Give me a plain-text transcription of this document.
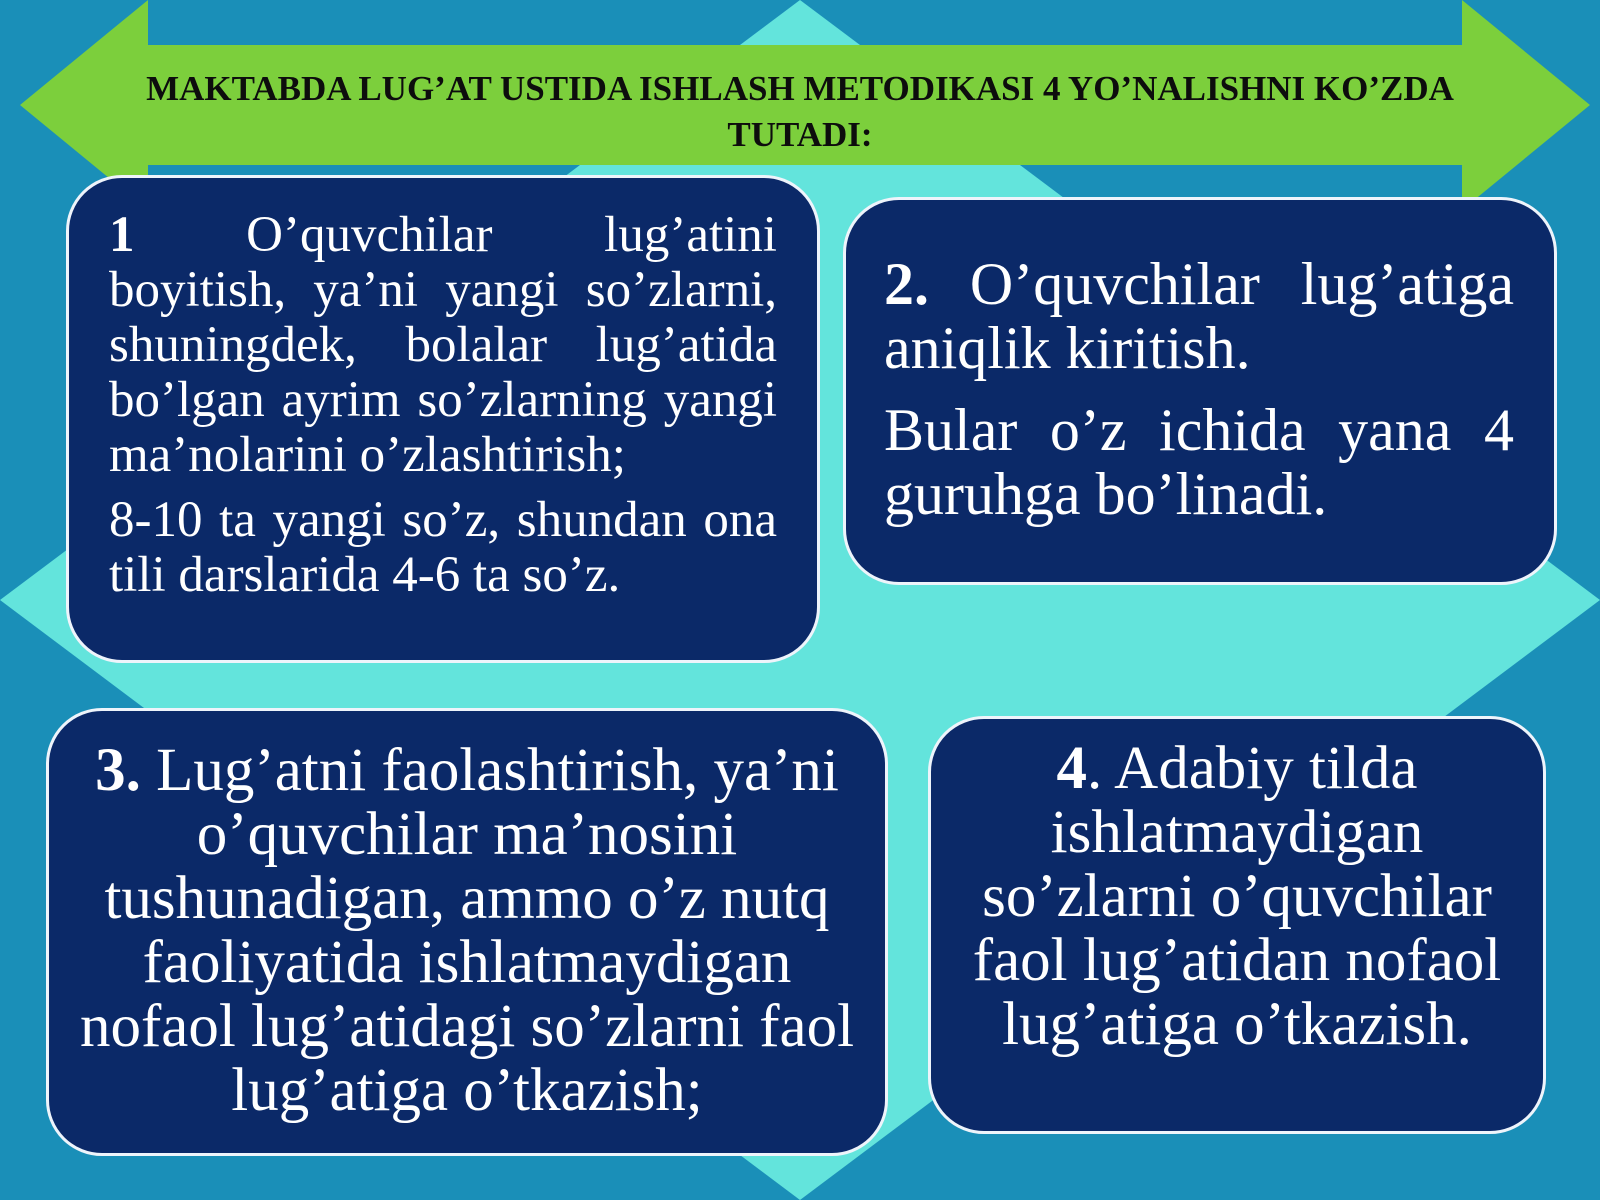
MAKTABDA LUG’AT USTIDA ISHLASH METODIKASI 4 YO’NALISHNI KO’ZDA TUTADI:

1 O’quvchilar lug’atini
boyitish, ya’ni yangi so’zlarni, shuningdek, bolalar lug’atida bo’lgan ayrim so’zlarning yangi ma’nolarini o’zlashtirish;

8-10 ta yangi so’z, shundan ona tili darslarida 4-6 ta so’z.

2. O’quvchilar lug’atiga aniqlik kiritish.

Bular o’z ichida yana 4 guruhga bo’linadi.

3. Lug’atni faolashtirish, ya’ni o’quvchilar ma’nosini tushunadigan, ammo o’z nutq faoliyatida ishlatmaydigan nofaol lug’atidagi so’zlarni faol lug’atiga o’tkazish;

4. Adabiy tilda ishlatmaydigan so’zlarni o’quvchilar faol lug’atidan nofaol lug’atiga o’tkazish.
